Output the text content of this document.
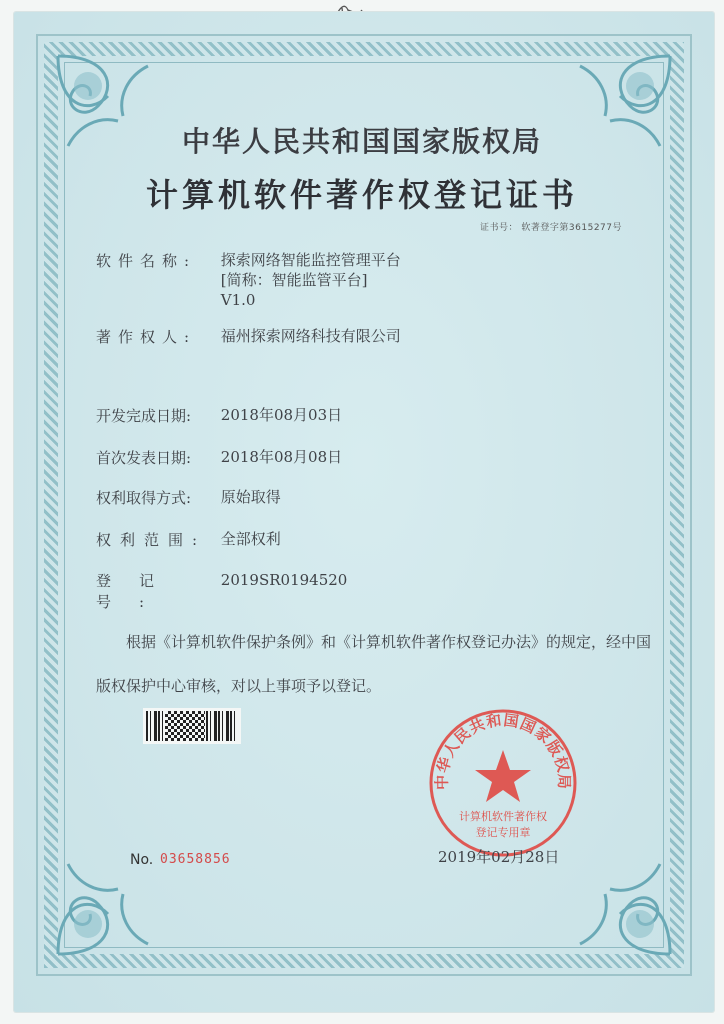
中华人民共和国国家版权局
计算机软件著作权登记证书
证书号： 软著登字第3615277号
软件名称: 探索网络智能监控管理平台
[简称：智能监管平台]
V1.0
著作权人: 福州探索网络科技有限公司
开发完成日期: 2018年08月03日
首次发表日期: 2018年08月08日
权利取得方式: 原始取得
权利范围: 全部权利
登记号: 2019SR0194520
根据《计算机软件保护条例》和《计算机软件著作权登记办法》的规定，经中国版权保护中心审核，对以上事项予以登记。
No. 03658856
中华人民共和国国家版权局
计算机软件著作权
登记专用章
2019年02月28日
